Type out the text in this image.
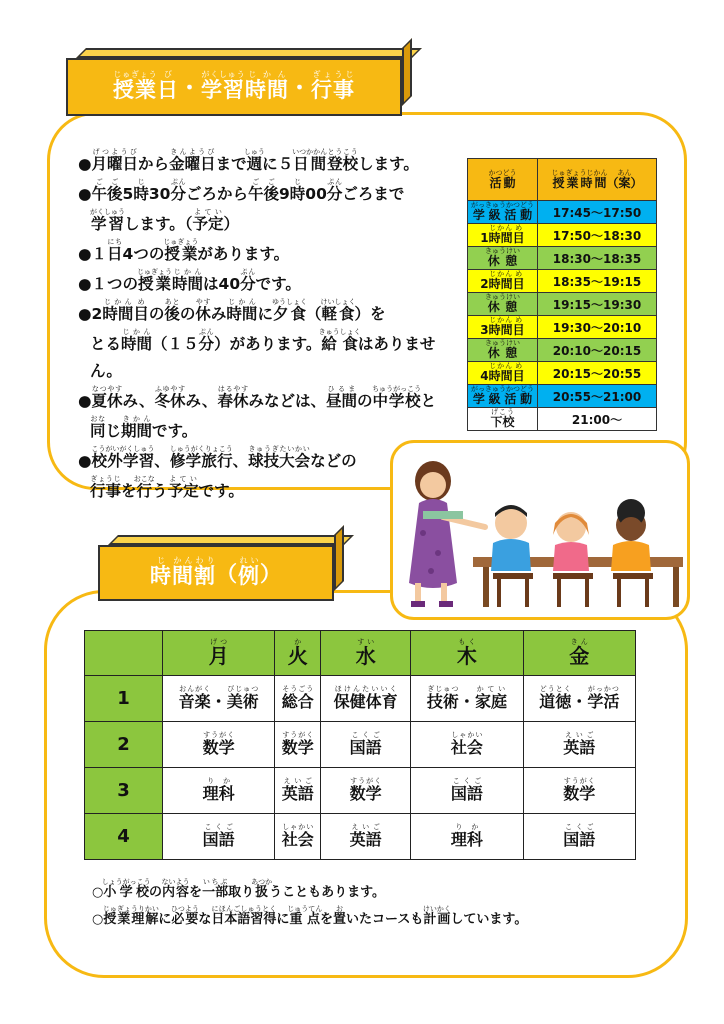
授業じゅぎょう
日び
・ 学習がくしゅう
時間じかん
・ 行事ぎょうじ
●月曜日げつようびから金曜日きんようびまで週しゅうに５日間いつかかん登校とうこうします。
●午後ごご5時じ30分ぷんごろから午後ごご9時じ00分ぷんごろまで
学習がくしゅうします。（予定よてい）
●１日にち4つの授業じゅぎょうがあります。
●１つの授業じゅぎょう時間じかんは40分ぷんです。
●2時間じかん目めの後あとの休やすみ時間じかんに夕食ゆうしょく（軽食けいしょく）を
とる時間じかん（１５分ぷん）があります。給食きゅうしょくはありません。
●夏休なつやすみ、冬休ふゆやすみ、春休はるやすみなどは、昼間ひるまの中学校ちゅうがっこうと
同おなじ期間きかんです。
●校外学習こうがいがくしゅう、修学旅行しゅうがくりょこう、球技大会きゅうぎたいかいなどの
行事ぎょうじを行おこなう予定よていです。
活動かつどう	授業時間じゅぎょうじかん（案あん）
学級活動がっきゅうかつどう	17:45～17:50
1時間じかん目め	17:50～18:30
休憩きゅうけい	18:30～18:35
2時間じかん目め	18:35～19:15
休憩きゅうけい	19:15～19:30
3時間じかん目め	19:30～20:10
休憩きゅうけい	20:10～20:15
4時間じかん目め	20:15～20:55
学級活動がっきゅうかつどう	20:55～21:00
下校げこう	21:00～
時じ
間かん
割わり
（ 例れい
）
	月げつ	火か	水すい	木もく	金きん
1	音楽おんがく・美術びじゅつ	総合そうごう	保健体育ほけんたいいく	技術ぎじゅつ・家庭かてい	道徳どうとく・学活がっかつ
2	数学すうがく	数学すうがく	国語こくご	社会しゃかい	英語えいご
3	理科りか	英語えいご	数学すうがく	国語こくご	数学すうがく
4	国語こくご	社会しゃかい	英語えいご	理科りか	国語こくご
○小学校しょうがっこうの内容ないようを一部いちぶ取り扱あつかうこともあります。
○授業理解じゅぎょうりかいに必要ひつような日本語習得にほんごしゅうとくに重点じゅうてんを置おいたコースも計画けいかくしています。
